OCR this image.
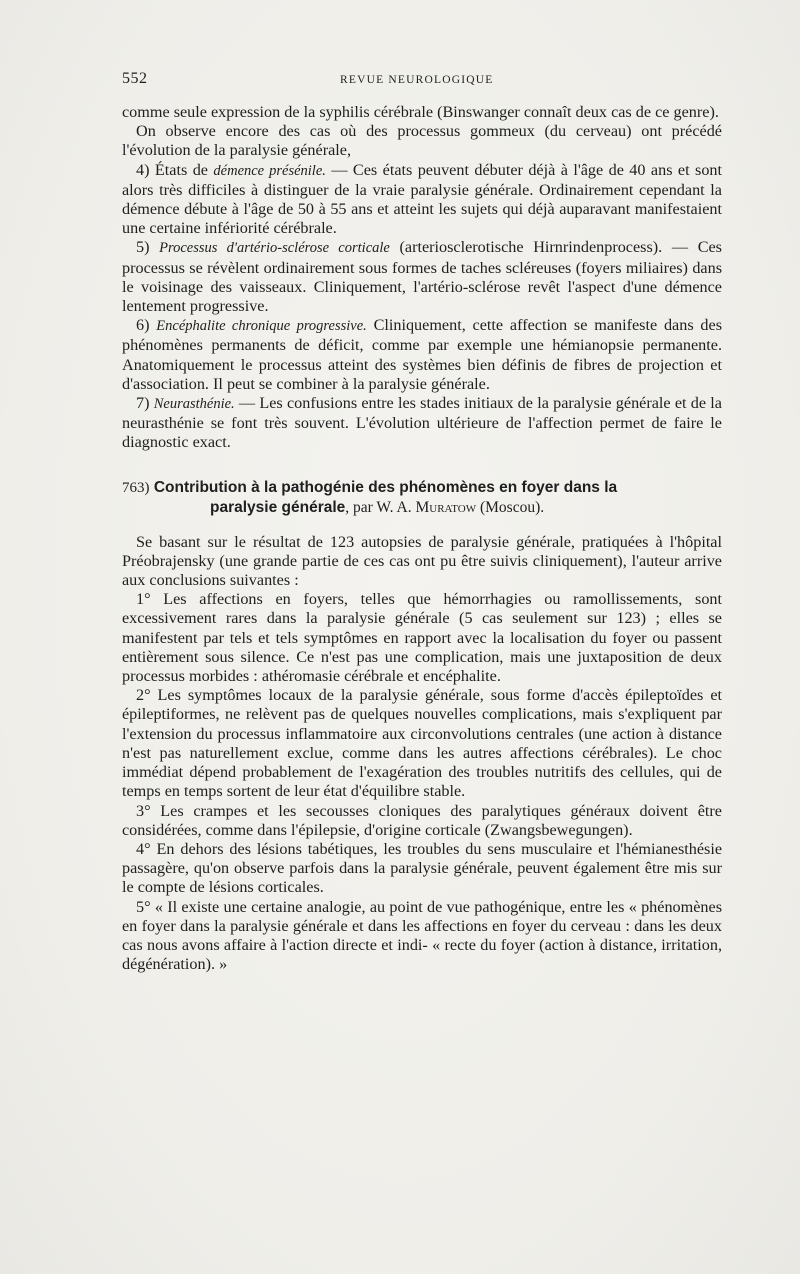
552	REVUE NEUROLOGIQUE

comme seule expression de la syphilis cérébrale (Binswanger connaît deux cas de ce genre).

On observe encore des cas où des processus gommeux (du cerveau) ont précédé l'évolution de la paralysie générale,

4) États de démence présénile. — Ces états peuvent débuter déjà à l'âge de 40 ans et sont alors très difficiles à distinguer de la vraie paralysie générale. Ordinairement cependant la démence débute à l'âge de 50 à 55 ans et atteint les sujets qui déjà auparavant manifestaient une certaine infériorité cérébrale.

5) Processus d'artério-sclérose corticale (arteriosclerotische Hirnrindenprocess). — Ces processus se révèlent ordinairement sous formes de taches scléreuses (foyers miliaires) dans le voisinage des vaisseaux. Cliniquement, l'artério-sclérose revêt l'aspect d'une démence lentement progressive.

6) Encéphalite chronique progressive. Cliniquement, cette affection se manifeste dans des phénomènes permanents de déficit, comme par exemple une hémianopsie permanente. Anatomiquement le processus atteint des systèmes bien définis de fibres de projection et d'association. Il peut se combiner à la paralysie générale.

7) Neurasthénie. — Les confusions entre les stades initiaux de la paralysie générale et de la neurasthénie se font très souvent. L'évolution ultérieure de l'affection permet de faire le diagnostic exact.

763) Contribution à la pathogénie des phénomènes en foyer dans la
paralysie générale, par W. A. Muratow (Moscou).

Se basant sur le résultat de 123 autopsies de paralysie générale, pratiquées à l'hôpital Préobrajensky (une grande partie de ces cas ont pu être suivis cliniquement), l'auteur arrive aux conclusions suivantes :

1° Les affections en foyers, telles que hémorrhagies ou ramollissements, sont excessivement rares dans la paralysie générale (5 cas seulement sur 123) ; elles se manifestent par tels et tels symptômes en rapport avec la localisation du foyer ou passent entièrement sous silence. Ce n'est pas une complication, mais une juxtaposition de deux processus morbides : athéromasie cérébrale et encéphalite.

2° Les symptômes locaux de la paralysie générale, sous forme d'accès épileptoïdes et épileptiformes, ne relèvent pas de quelques nouvelles complications, mais s'expliquent par l'extension du processus inflammatoire aux circonvolutions centrales (une action à distance n'est pas naturellement exclue, comme dans les autres affections cérébrales). Le choc immédiat dépend probablement de l'exagération des troubles nutritifs des cellules, qui de temps en temps sortent de leur état d'équilibre stable.

3° Les crampes et les secousses cloniques des paralytiques généraux doivent être considérées, comme dans l'épilepsie, d'origine corticale (Zwangsbewegungen).

4° En dehors des lésions tabétiques, les troubles du sens musculaire et l'hémianesthésie passagère, qu'on observe parfois dans la paralysie générale, peuvent également être mis sur le compte de lésions corticales.

5° « Il existe une certaine analogie, au point de vue pathogénique, entre les « phénomènes en foyer dans la paralysie générale et dans les affections en foyer du cerveau : dans les deux cas nous avons affaire à l'action directe et indi- « recte du foyer (action à distance, irritation, dégénération). »
